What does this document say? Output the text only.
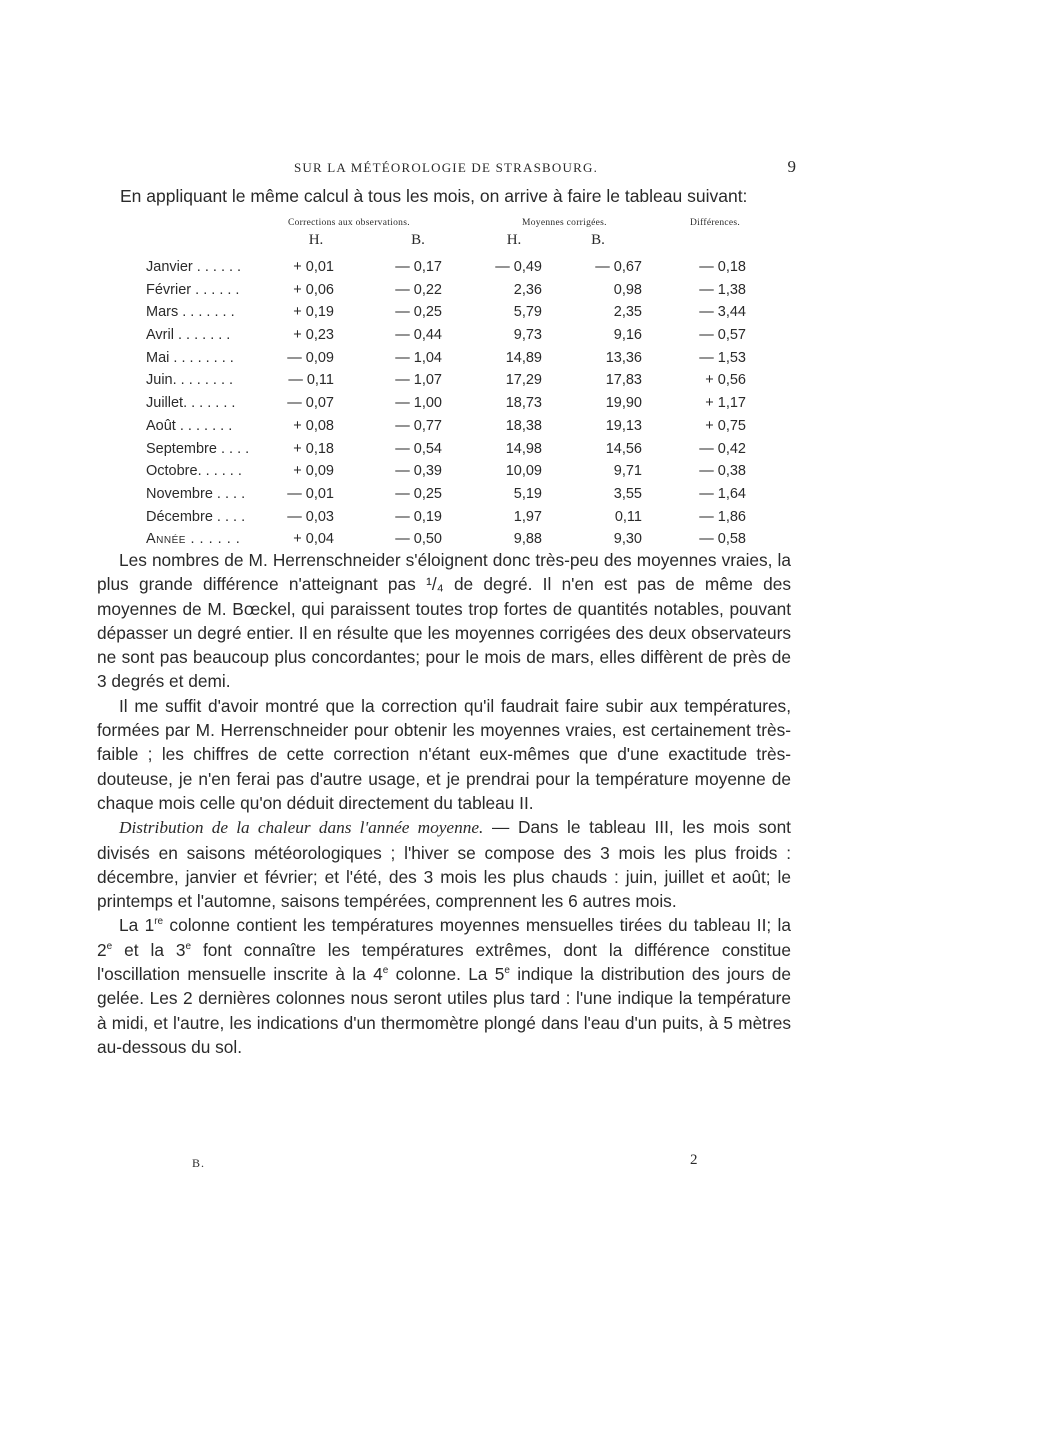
SUR LA MÉTÉOROLOGIE DE STRASBOURG.	9
En appliquant le même calcul à tous les mois, on arrive à faire le tableau suivant:
Corrections aux observations.	Moyennes corrigées.	Différences.
H.	B.	H.	B.
Janvier . . . . . .	+ 0,01	— 0,17	— 0,49	— 0,67	— 0,18
Février . . . . . .	+ 0,06	— 0,22	2,36	0,98	— 1,38
Mars . . . . . . .	+ 0,19	— 0,25	5,79	2,35	— 3,44
Avril . . . . . . .	+ 0,23	— 0,44	9,73	9,16	— 0,57
Mai . . . . . . . .	— 0,09	— 1,04	14,89	13,36	— 1,53
Juin. . . . . . . .	— 0,11	— 1,07	17,29	17,83	+ 0,56
Juillet. . . . . . .	— 0,07	— 1,00	18,73	19,90	+ 1,17
Août . . . . . . .	+ 0,08	— 0,77	18,38	19,13	+ 0,75
Septembre . . . .	+ 0,18	— 0,54	14,98	14,56	— 0,42
Octobre. . . . . .	+ 0,09	— 0,39	10,09	9,71	— 0,38
Novembre . . . .	— 0,01	— 0,25	5,19	3,55	— 1,64
Décembre . . . .	— 0,03	— 0,19	1,97	0,11	— 1,86
Année . . . . . .	+ 0,04	— 0,50	9,88	9,30	— 0,58

Les nombres de M. Herrenschneider s'éloignent donc très-peu des moyennes vraies, la plus grande différence n'atteignant pas ¹/₄ de degré. Il n'en est pas de même des moyennes de M. Bœckel, qui paraissent toutes trop fortes de quantités notables, pouvant dépasser un degré entier. Il en résulte que les moyennes corrigées des deux observateurs ne sont pas beaucoup plus concordantes; pour le mois de mars, elles diffèrent de près de 3 degrés et demi.

Il me suffit d'avoir montré que la correction qu'il faudrait faire subir aux températures, formées par M. Herrenschneider pour obtenir les moyennes vraies, est certainement très-faible ; les chiffres de cette correction n'étant eux-mêmes que d'une exactitude très-douteuse, je n'en ferai pas d'autre usage, et je prendrai pour la température moyenne de chaque mois celle qu'on déduit directement du tableau II.

Distribution de la chaleur dans l'année moyenne. — Dans le tableau III, les mois sont divisés en saisons météorologiques ; l'hiver se compose des 3 mois les plus froids : décembre, janvier et février; et l'été, des 3 mois les plus chauds : juin, juillet et août; le printemps et l'automne, saisons tempérées, comprennent les 6 autres mois.

La 1re colonne contient les températures moyennes mensuelles tirées du tableau II; la 2e et la 3e font connaître les températures extrêmes, dont la différence constitue l'oscillation mensuelle inscrite à la 4e colonne. La 5e indique la distribution des jours de gelée. Les 2 dernières colonnes nous seront utiles plus tard : l'une indique la température à midi, et l'autre, les indications d'un thermomètre plongé dans l'eau d'un puits, à 5 mètres au-dessous du sol.

B.	2
